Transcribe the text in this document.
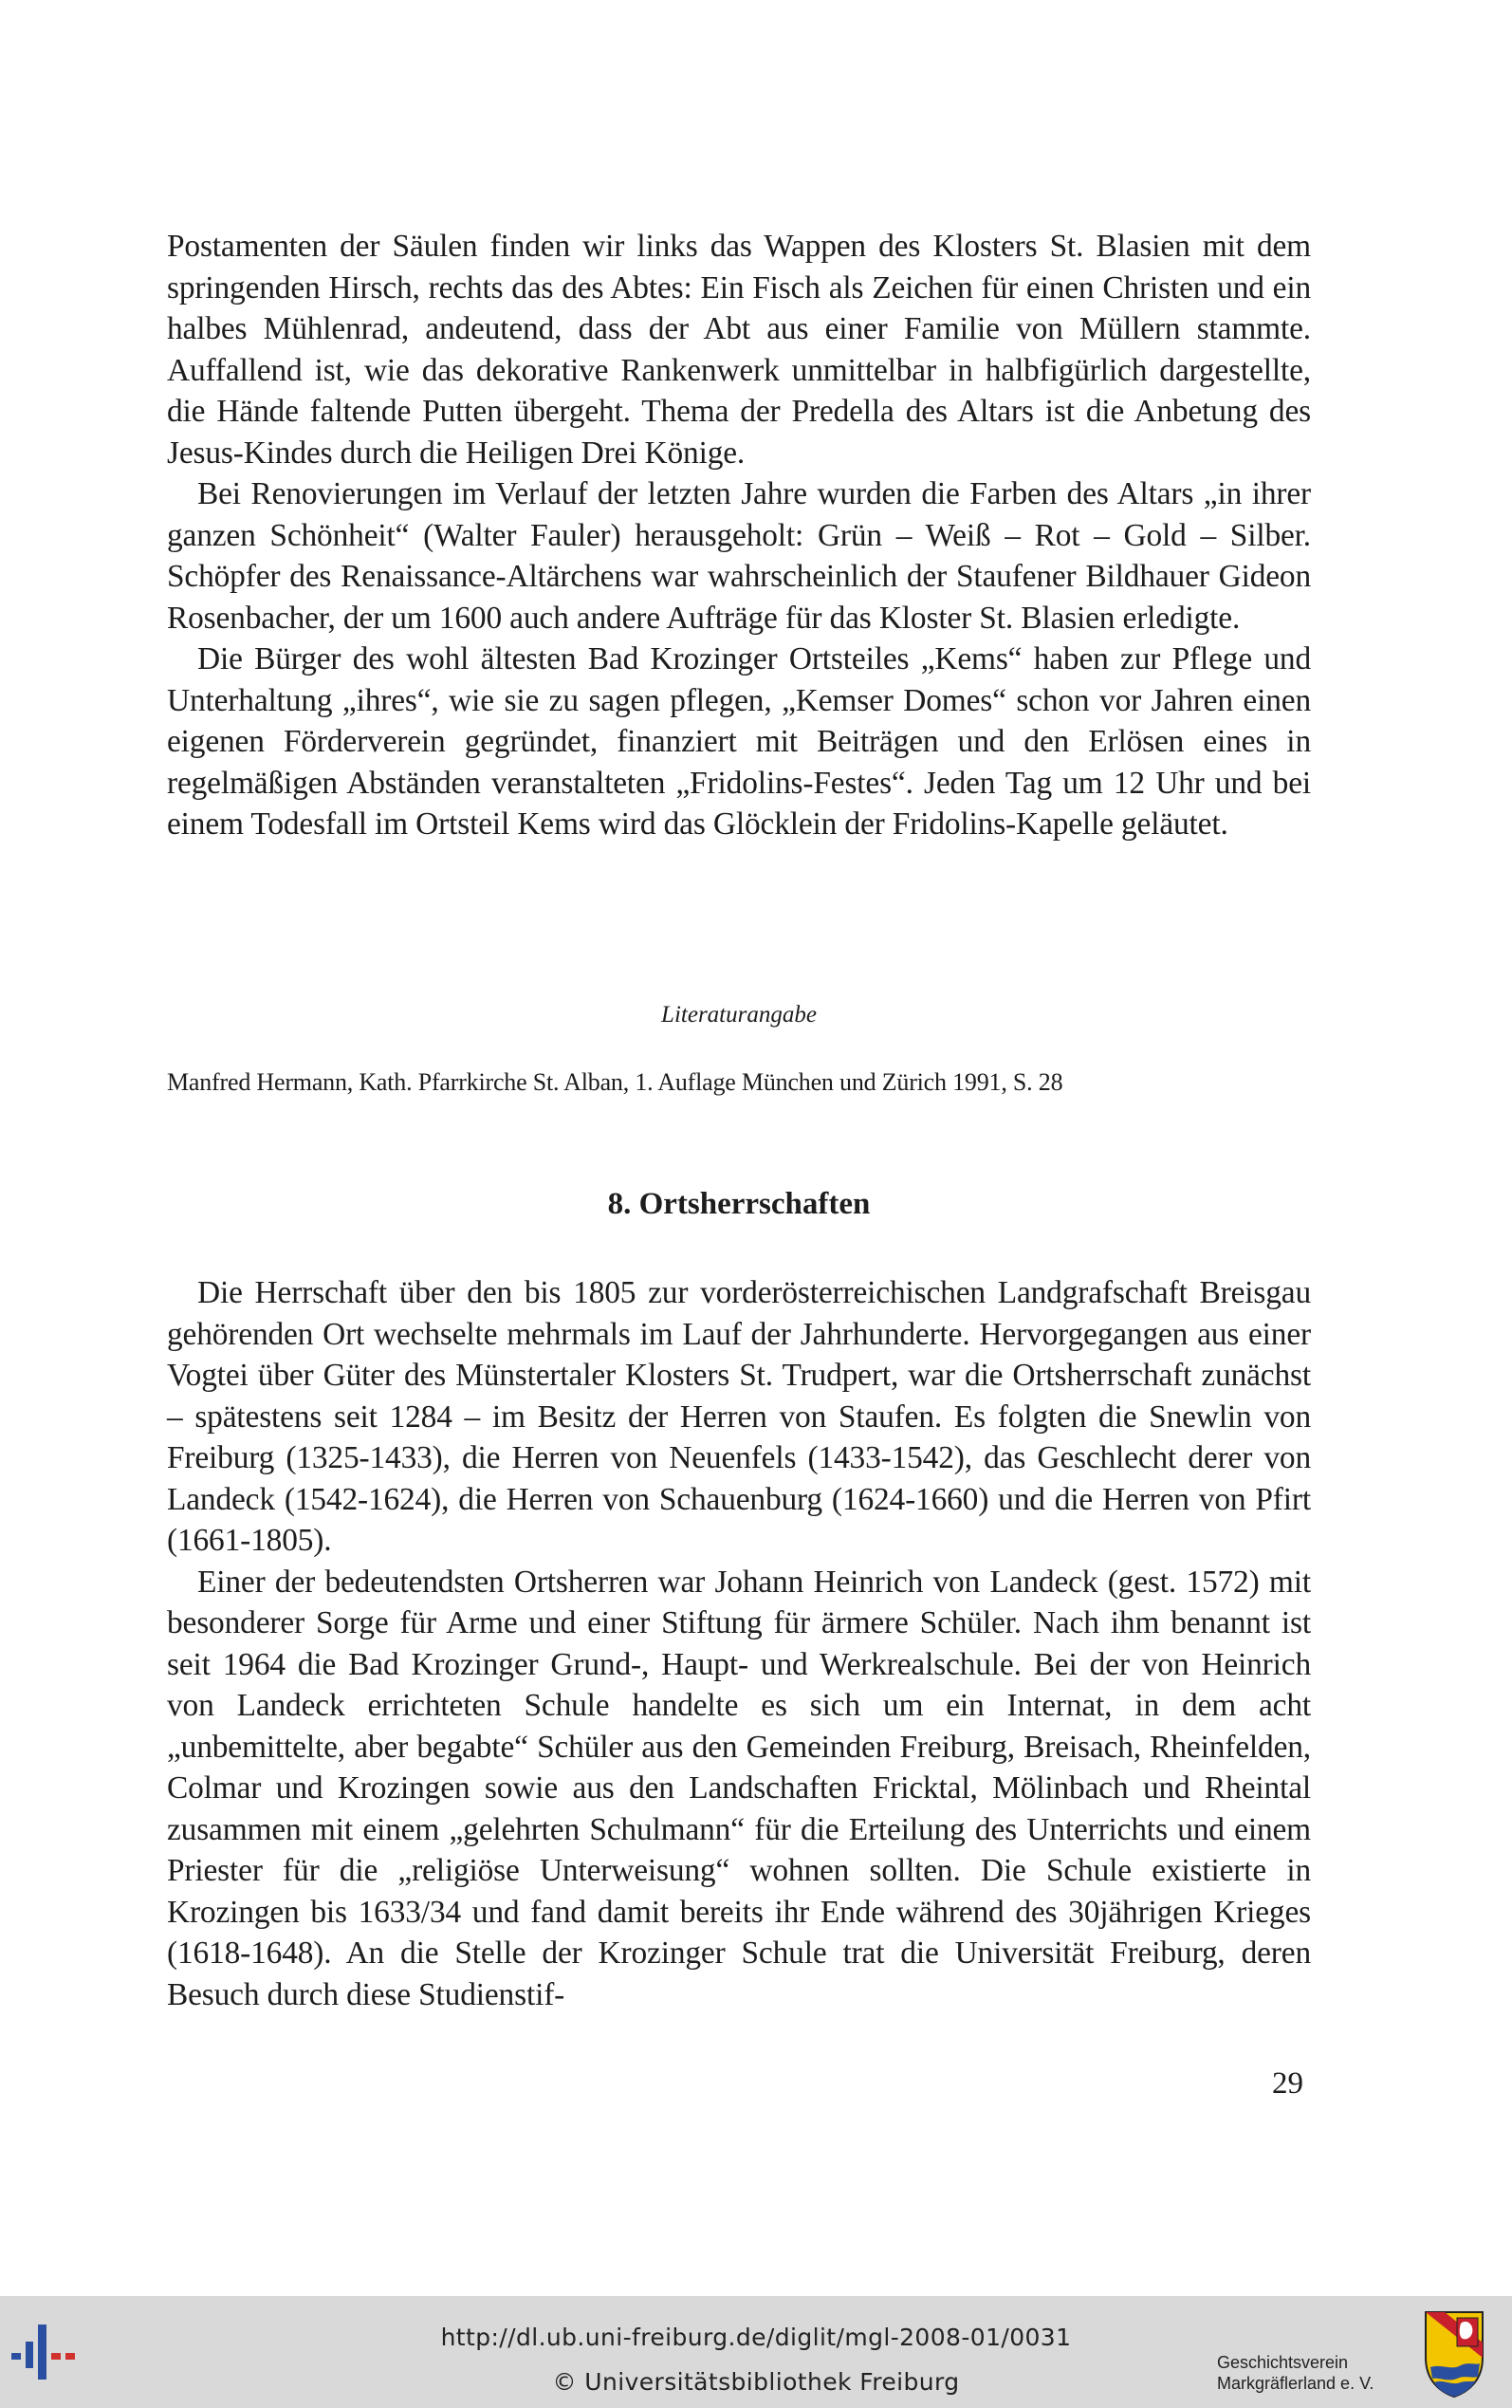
Postamenten der Säulen finden wir links das Wappen des Klosters St. Blasien mit dem springenden Hirsch, rechts das des Abtes: Ein Fisch als Zeichen für einen Christen und ein halbes Mühlenrad, andeutend, dass der Abt aus einer Familie von Müllern stammte. Auffallend ist, wie das dekorative Rankenwerk unmittelbar in halbfigürlich dargestellte, die Hände faltende Putten übergeht. Thema der Predella des Altars ist die Anbetung des Jesus-Kindes durch die Heiligen Drei Könige.

Bei Renovierungen im Verlauf der letzten Jahre wurden die Farben des Altars „in ihrer ganzen Schönheit“ (Walter Fauler) herausgeholt: Grün – Weiß – Rot – Gold – Silber. Schöpfer des Renaissance-Altärchens war wahrscheinlich der Staufener Bildhauer Gideon Rosenbacher, der um 1600 auch andere Aufträge für das Kloster St. Blasien erledigte.

Die Bürger des wohl ältesten Bad Krozinger Ortsteiles „Kems“ haben zur Pflege und Unterhaltung „ihres“, wie sie zu sagen pflegen, „Kemser Domes“ schon vor Jahren einen eigenen Förderverein gegründet, finanziert mit Beiträgen und den Erlösen eines in regelmäßigen Abständen veranstalteten „Fridolins-Festes“. Jeden Tag um 12 Uhr und bei einem Todesfall im Ortsteil Kems wird das Glöcklein der Fridolins-Kapelle geläutet.

Literaturangabe
Manfred Hermann, Kath. Pfarrkirche St. Alban, 1. Auflage München und Zürich 1991, S. 28
8. Ortsherrschaften

Die Herrschaft über den bis 1805 zur vorderösterreichischen Landgrafschaft Breisgau gehörenden Ort wechselte mehrmals im Lauf der Jahrhunderte. Hervorgegangen aus einer Vogtei über Güter des Münstertaler Klosters St. Trudpert, war die Ortsherrschaft zunächst – spätestens seit 1284 – im Besitz der Herren von Staufen. Es folgten die Snewlin von Freiburg (1325-1433), die Herren von Neuenfels (1433-1542), das Geschlecht derer von Landeck (1542-1624), die Herren von Schauenburg (1624-1660) und die Herren von Pfirt (1661-1805).

Einer der bedeutendsten Ortsherren war Johann Heinrich von Landeck (gest. 1572) mit besonderer Sorge für Arme und einer Stiftung für ärmere Schüler. Nach ihm benannt ist seit 1964 die Bad Krozinger Grund-, Haupt- und Werkrealschule. Bei der von Heinrich von Landeck errichteten Schule handelte es sich um ein Internat, in dem acht „unbemittelte, aber begabte“ Schüler aus den Gemeinden Freiburg, Breisach, Rheinfelden, Colmar und Krozingen sowie aus den Landschaften Fricktal, Mölinbach und Rheintal zusammen mit einem „gelehrten Schulmann“ für die Erteilung des Unterrichts und einem Priester für die „religiöse Unterweisung“ wohnen sollten. Die Schule existierte in Krozingen bis 1633/34 und fand damit bereits ihr Ende während des 30jährigen Krieges (1618-1648). An die Stelle der Krozinger Schule trat die Universität Freiburg, deren Besuch durch diese Studienstif-

29
http://dl.ub.uni-freiburg.de/diglit/mgl-2008-01/0031
© Universitätsbibliothek Freiburg
Geschichtsverein
Markgräflerland e. V.
